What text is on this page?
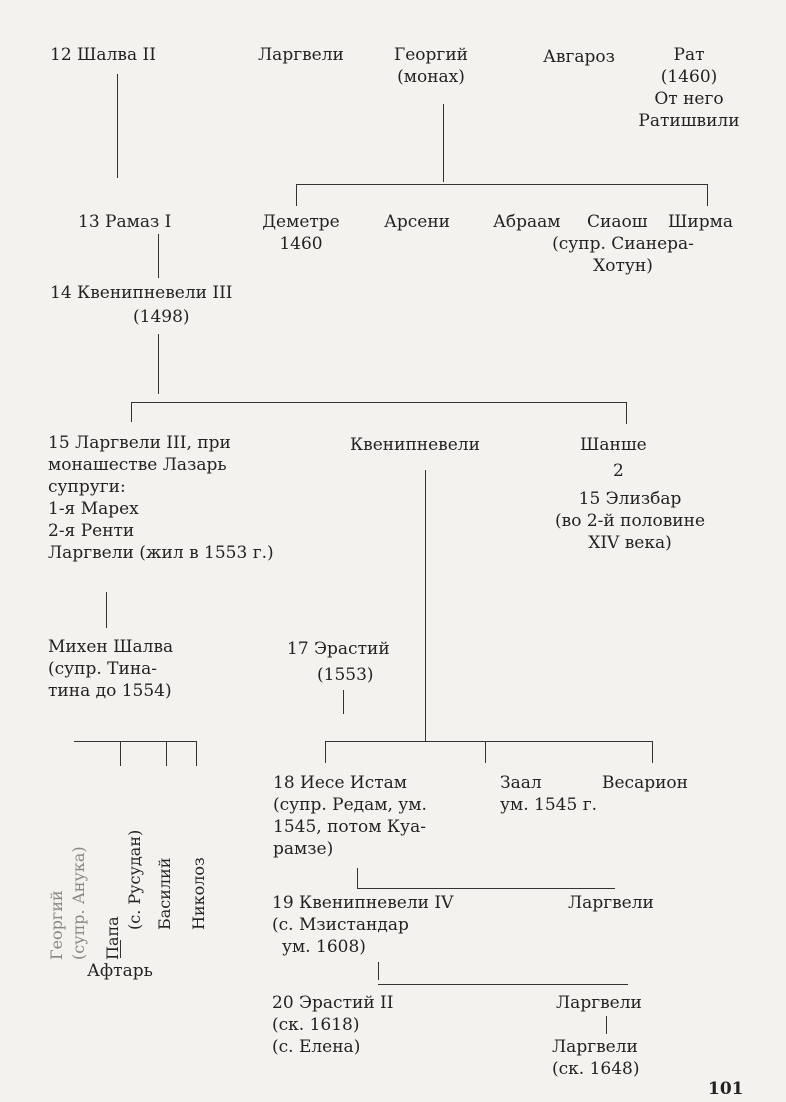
12 Шалва II	Ларгвели	Георгий
(монах)
Авгароз	Рат
(1460)
От него
Ратишвили
13 Рамаз I	Деметре
1460
Арсени	Абраам Сиаош Ширма
(супр. Сианера-
Хотун)
14 Квенипневели III
(1498)
15 Ларгвели III, при
монашестве Лазарь
супруги:
1-я Марех
2-я Ренти
Ларгвели (жил в 1553 г.)
Квенипневели	Шанше
2
15 Элизбар
(во 2-й половине
XIV века)
Михен Шалва
(супр. Тина-
тина до 1554)
17 Эрастий
(1553)
Георгий (супр. Анука) Папа
(с. Русудан) Басилий Николоз
Афтарь
18 Иесе Истам
(супр. Редам, ум.
1545, потом Куа-
рамзе)
Заал
ум. 1545 г.
Весарион
19 Квенипневели IV
(с. Мзистандар
ум. 1608)
Ларгвели
20 Эрастий II
(ск. 1618)
(с. Елена)
Ларгвели
Ларгвели
(ск. 1648)
101
